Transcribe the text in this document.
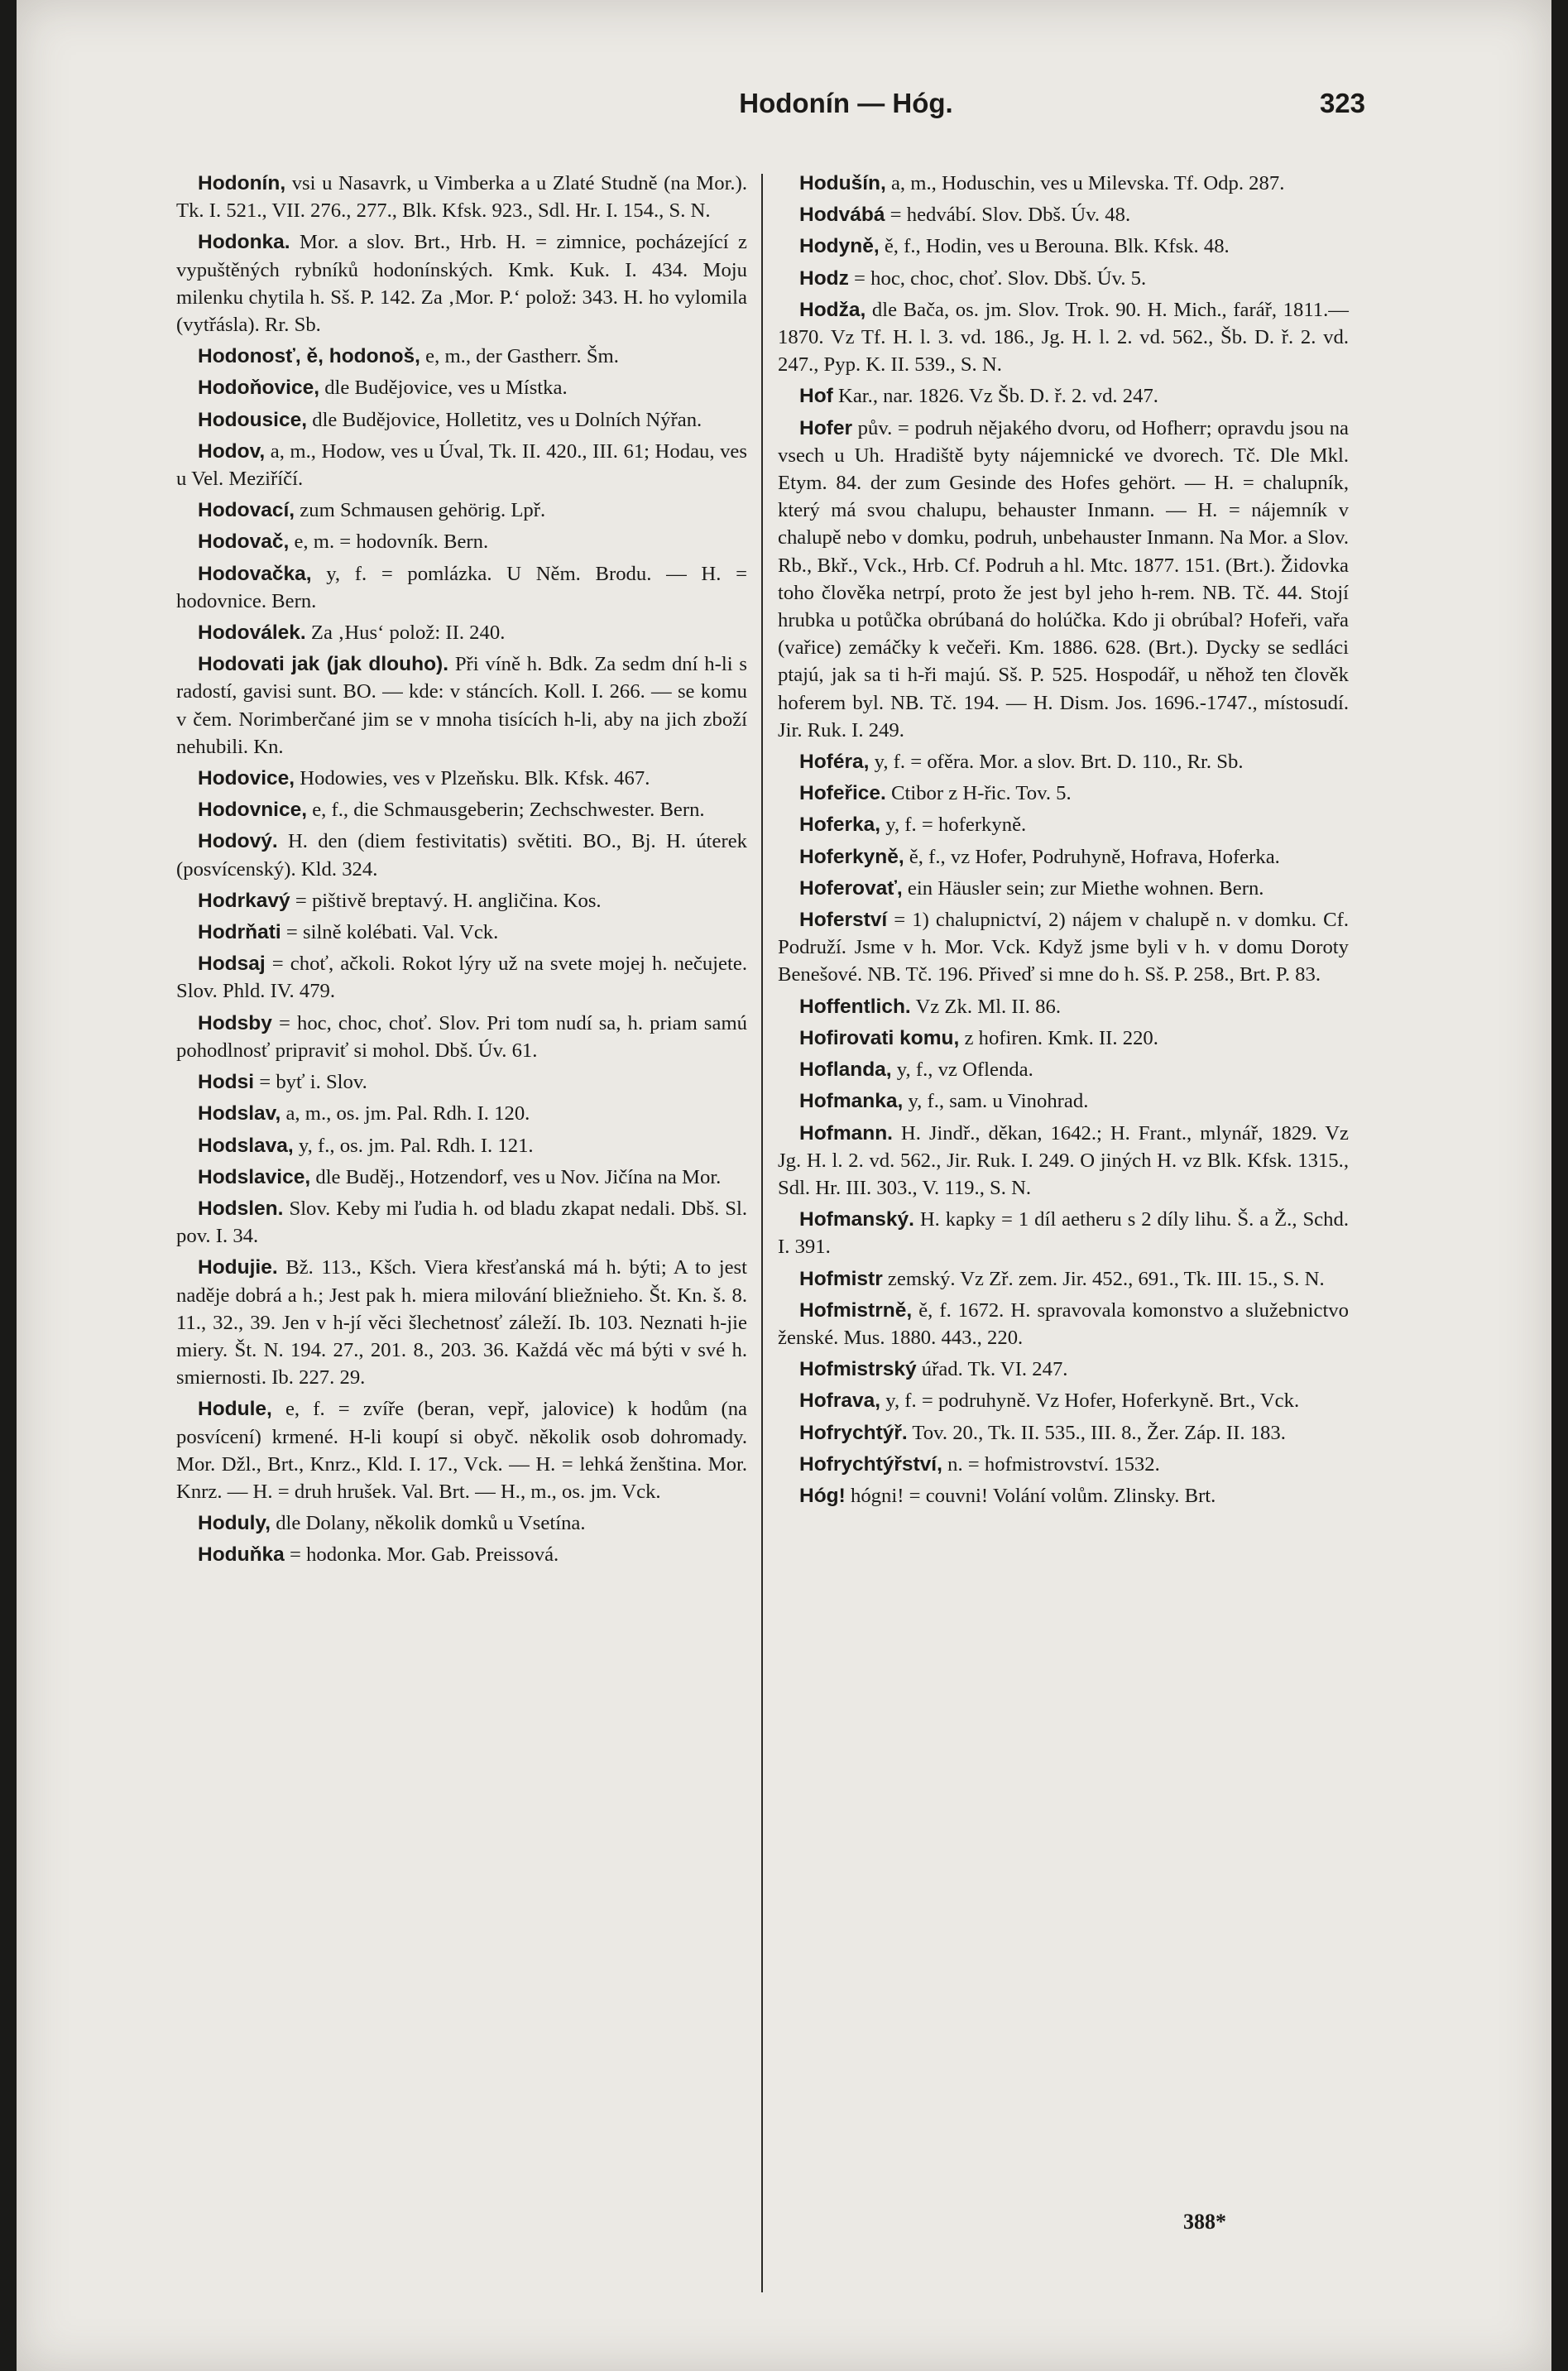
Hodonín — Hóg.	323

Hodonín, vsi u Nasavrk, u Vimberka a u Zlaté Studně (na Mor.). Tk. I. 521., VII. 276., 277., Blk. Kfsk. 923., Sdl. Hr. I. 154., S. N.

Hodonka. Mor. a slov. Brt., Hrb. H. = zimnice, pocházející z vypuštěných rybníků hodonínských. Kmk. Kuk. I. 434. Moju milenku chytila h. Sš. P. 142. Za ‚Mor. P.‘ polož: 343. H. ho vylomila (vytřásla). Rr. Sb.

Hodonosť, ě, hodonoš, e, m., der Gastherr. Šm.

Hodoňovice, dle Budějovice, ves u Místka.

Hodousice, dle Budějovice, Holletitz, ves u Dolních Nýřan.

Hodov, a, m., Hodow, ves u Úval, Tk. II. 420., III. 61; Hodau, ves u Vel. Meziříčí.

Hodovací, zum Schmausen gehörig. Lpř.

Hodovač, e, m. = hodovník. Bern.

Hodovačka, y, f. = pomlázka. U Něm. Brodu. — H. = hodovnice. Bern.

Hodoválek. Za ‚Hus‘ polož: II. 240.

Hodovati jak (jak dlouho). Při víně h. Bdk. Za sedm dní h-li s radostí, gavisi sunt. BO. — kde: v stáncích. Koll. I. 266. — se komu v čem. Norimberčané jim se v mnoha tisících h-li, aby na jich zboží nehubili. Kn.

Hodovice, Hodowies, ves v Plzeňsku. Blk. Kfsk. 467.

Hodovnice, e, f., die Schmausgeberin; Zechschwester. Bern.

Hodový. H. den (diem festivitatis) světiti. BO., Bj. H. úterek (posvícenský). Kld. 324.

Hodrkavý = pištivě breptavý. H. angličina. Kos.

Hodrňati = silně kolébati. Val. Vck.

Hodsaj = choť, ačkoli. Rokot lýry už na svete mojej h. nečujete. Slov. Phld. IV. 479.

Hodsby = hoc, choc, choť. Slov. Pri tom nudí sa, h. priam samú pohodlnosť pripraviť si mohol. Dbš. Úv. 61.

Hodsi = byť i. Slov.

Hodslav, a, m., os. jm. Pal. Rdh. I. 120.

Hodslava, y, f., os. jm. Pal. Rdh. I. 121.

Hodslavice, dle Buděj., Hotzendorf, ves u Nov. Jičína na Mor.

Hodslen. Slov. Keby mi ľudia h. od bladu zkapat nedali. Dbš. Sl. pov. I. 34.

Hodujie. Bž. 113., Kšch. Viera křesťanská má h. býti; A to jest naděje dobrá a h.; Jest pak h. miera milování bliežnieho. Št. Kn. š. 8. 11., 32., 39. Jen v h-jí věci šlechetnosť záleží. Ib. 103. Neznati h-jie miery. Št. N. 194. 27., 201. 8., 203. 36. Každá věc má býti v své h. smiernosti. Ib. 227. 29.

Hodule, e, f. = zvíře (beran, vepř, jalovice) k hodům (na posvícení) krmené. H-li koupí si obyč. několik osob dohromady. Mor. Džl., Brt., Knrz., Kld. I. 17., Vck. — H. = lehká ženština. Mor. Knrz. — H. = druh hrušek. Val. Brt. — H., m., os. jm. Vck.

Hoduly, dle Dolany, několik domků u Vsetína.

Hoduňka = hodonka. Mor. Gab. Preissová.

Hodušín, a, m., Hoduschin, ves u Milevska. Tf. Odp. 287.

Hodvábá = hedvábí. Slov. Dbš. Úv. 48.

Hodyně, ě, f., Hodin, ves u Berouna. Blk. Kfsk. 48.

Hodz = hoc, choc, choť. Slov. Dbš. Úv. 5.

Hodža, dle Bača, os. jm. Slov. Trok. 90. H. Mich., farář, 1811.—1870. Vz Tf. H. l. 3. vd. 186., Jg. H. l. 2. vd. 562., Šb. D. ř. 2. vd. 247., Pyp. K. II. 539., S. N.

Hof Kar., nar. 1826. Vz Šb. D. ř. 2. vd. 247.

Hofer pův. = podruh nějakého dvoru, od Hofherr; opravdu jsou na vsech u Uh. Hradiště byty nájemnické ve dvorech. Tč. Dle Mkl. Etym. 84. der zum Gesinde des Hofes gehört. — H. = chalupník, který má svou chalupu, behauster Inmann. — H. = nájemník v chalupě nebo v domku, podruh, unbehauster Inmann. Na Mor. a Slov. Rb., Bkř., Vck., Hrb. Cf. Podruh a hl. Mtc. 1877. 151. (Brt.). Židovka toho člověka netrpí, proto že jest byl jeho h-rem. NB. Tč. 44. Stojí hrubka u potůčka obrúbaná do holúčka. Kdo ji obrúbal? Hofeři, vařa (vařice) zemáčky k večeři. Km. 1886. 628. (Brt.). Dycky se sedláci ptajú, jak sa ti h-ři majú. Sš. P. 525. Hospodář, u něhož ten člověk hoferem byl. NB. Tč. 194. — H. Dism. Jos. 1696.-1747., místosudí. Jir. Ruk. I. 249.

Hoféra, y, f. = ofěra. Mor. a slov. Brt. D. 110., Rr. Sb.

Hofeřice. Ctibor z H-řic. Tov. 5.

Hoferka, y, f. = hoferkyně.

Hoferkyně, ě, f., vz Hofer, Podruhyně, Hofrava, Hoferka.

Hoferovať, ein Häusler sein; zur Miethe wohnen. Bern.

Hoferství = 1) chalupnictví, 2) nájem v chalupě n. v domku. Cf. Podruží. Jsme v h. Mor. Vck. Když jsme byli v h. v domu Doroty Benešové. NB. Tč. 196. Přiveď si mne do h. Sš. P. 258., Brt. P. 83.

Hoffentlich. Vz Zk. Ml. II. 86.

Hofirovati komu, z hofiren. Kmk. II. 220.

Hoflanda, y, f., vz Oflenda.

Hofmanka, y, f., sam. u Vinohrad.

Hofmann. H. Jindř., děkan, 1642.; H. Frant., mlynář, 1829. Vz Jg. H. l. 2. vd. 562., Jir. Ruk. I. 249. O jiných H. vz Blk. Kfsk. 1315., Sdl. Hr. III. 303., V. 119., S. N.

Hofmanský. H. kapky = 1 díl aetheru s 2 díly lihu. Š. a Ž., Schd. I. 391.

Hofmistr zemský. Vz Zř. zem. Jir. 452., 691., Tk. III. 15., S. N.

Hofmistrně, ě, f. 1672. H. spravovala komonstvo a služebnictvo ženské. Mus. 1880. 443., 220.

Hofmistrský úřad. Tk. VI. 247.

Hofrava, y, f. = podruhyně. Vz Hofer, Hoferkyně. Brt., Vck.

Hofrychtýř. Tov. 20., Tk. II. 535., III. 8., Žer. Záp. II. 183.

Hofrychtýřství, n. = hofmistrovství. 1532.

Hóg! hógni! = couvni! Volání volům. Zlinsky. Brt.

388*
